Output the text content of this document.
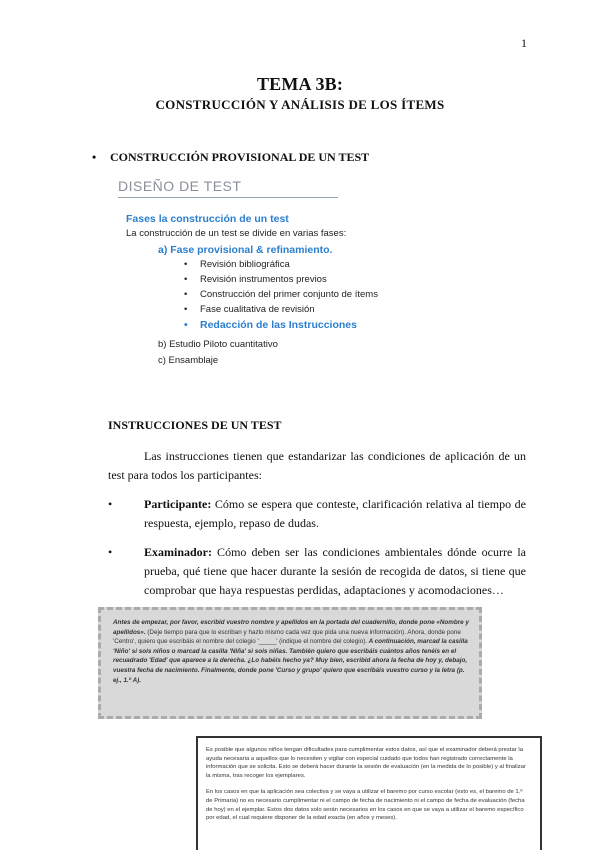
1
TEMA 3B:
CONSTRUCCIÓN Y ANÁLISIS DE LOS ÍTEMS
• CONSTRUCCIÓN PROVISIONAL DE UN TEST
DISEÑO DE TEST
Fases la construcción de un test
La construcción de un test se divide en varias fases:
a) Fase provisional & refinamiento.
• Revisión bibliográfica
• Revisión instrumentos previos
• Construcción del primer conjunto de ítems
• Fase cualitativa de revisión
• Redacción de las Instrucciones
b) Estudio Piloto cuantitativo
c) Ensamblaje
INSTRUCCIONES DE UN TEST
Las instrucciones tienen que estandarizar las condiciones de aplicación de un test para todos los participantes:
•	Participante: Cómo se espera que conteste, clarificación relativa al tiempo de respuesta, ejemplo, repaso de dudas.
•	Examinador: Cómo deben ser las condiciones ambientales dónde ocurre la prueba, qué tiene que hacer durante la sesión de recogida de datos, si tiene que comprobar que haya respuestas perdidas, adaptaciones y acomodaciones…
Antes de empezar, por favor, escribid vuestro nombre y apellidos en la portada del cuadernillo, donde pone «Nombre y apellidos». (Deje tiempo para que lo escriban y hazlo mismo cada vez que pida una nueva información). Ahora, donde pone 'Centro', quiero que escribáis el nombre del colegio '_____' (indique el nombre del colegio). A continuación, marcad la casilla 'Niño' si sois niños o marcad la casilla 'Niña' si sois niñas. También quiero que escribáis cuántos años tenéis en el recuadrado 'Edad' que aparece a la derecha. ¿Lo habéis hecho ya? Muy bien, escribid ahora la fecha de hoy y, debajo, vuestra fecha de nacimiento. Finalmente, donde pone 'Curso y grupo' quiero que escribáis vuestro curso y la letra (p. ej., 1.º A).

Es posible que algunos niños tengan dificultades para cumplimentar estos datos, así que el examinador deberá prestar la ayuda necesaria a aquellos que lo necesiten y vigilar con especial cuidado que todos han registrado correctamente la información que se solicita. Esto se deberá hacer durante la sesión de evaluación (en la medida de lo posible) y al finalizar la misma, tras recoger los ejemplares.

En los casos en que la aplicación sea colectiva y se vaya a utilizar el baremo por curso escolar (esto es, el baremo de 1.º de Primaria) no es necesario cumplimentar ni el campo de fecha de nacimiento ni el campo de fecha de evaluación (fecha de hoy) en el ejemplar. Estos dos datos solo serán necesarios en los casos en que se vaya a utilizar el baremo específico por edad, el cual requiere disponer de la edad exacta (en años y meses).
